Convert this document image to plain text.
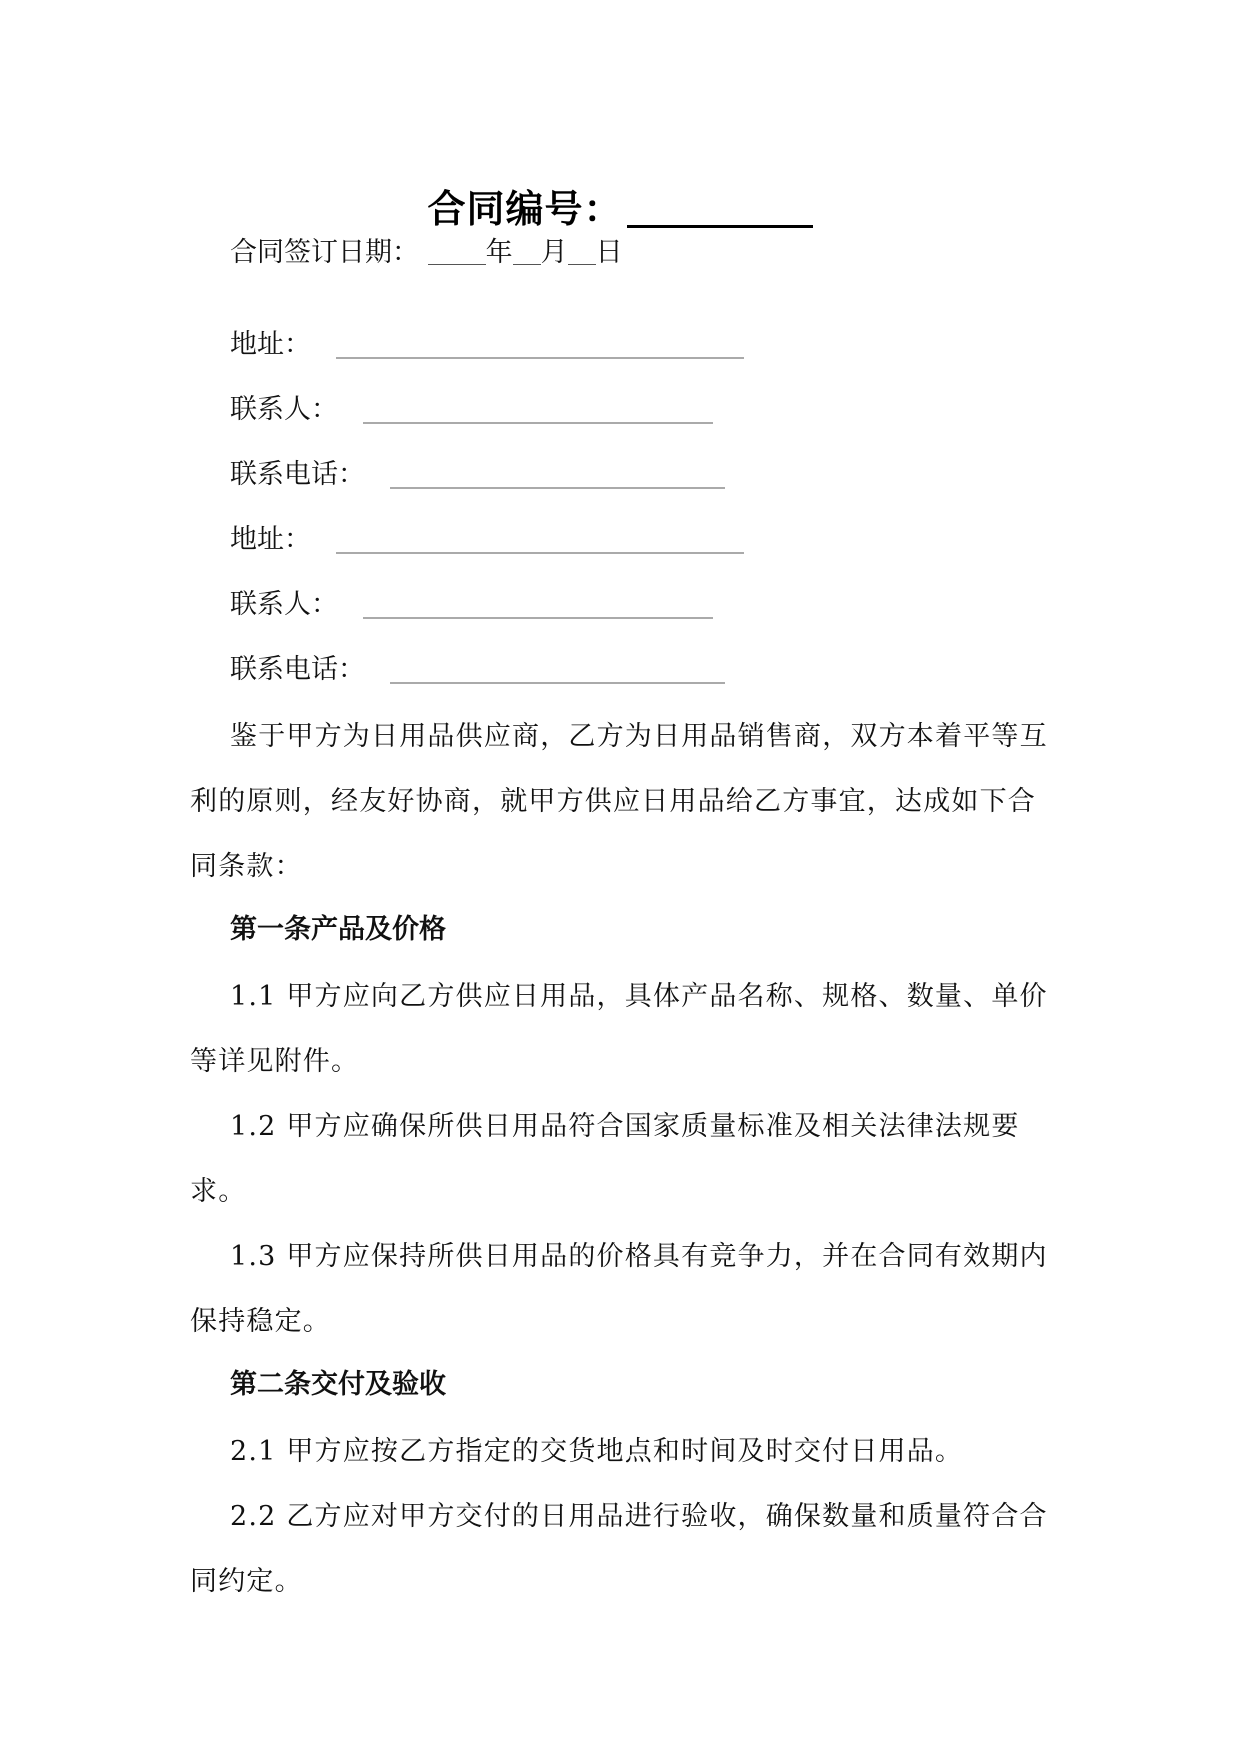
合同编号：
合同签订日期： 年 月 日
地址：
联系人：
联系电话：
地址：
联系人：
联系电话：
鉴于甲方为日用品供应商，乙方为日用品销售商，双方本着平等互利的原则，经友好协商，就甲方供应日用品给乙方事宜，达成如下合同条款：
第一条产品及价格
1.1 甲方应向乙方供应日用品，具体产品名称、规格、数量、单价等详见附件。
1.2 甲方应确保所供日用品符合国家质量标准及相关法律法规要求。
1.3 甲方应保持所供日用品的价格具有竞争力，并在合同有效期内保持稳定。
第二条交付及验收
2.1 甲方应按乙方指定的交货地点和时间及时交付日用品。
2.2 乙方应对甲方交付的日用品进行验收，确保数量和质量符合合同约定。
